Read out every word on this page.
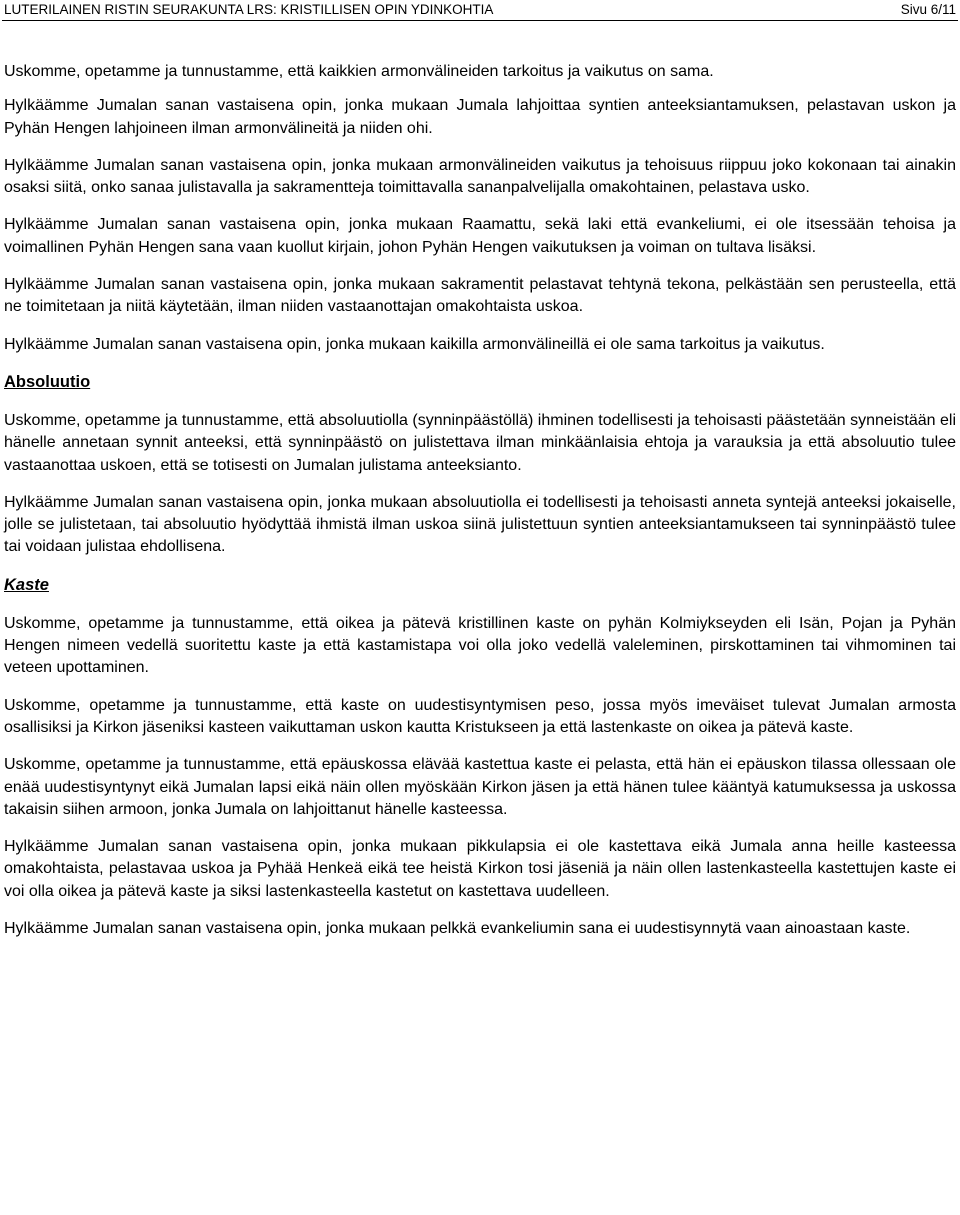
LUTERILAINEN RISTIN SEURAKUNTA LRS: KRISTILLISEN OPIN YDINKOHTIA	Sivu 6/11

Uskomme, opetamme ja tunnustamme, että kaikkien armonvälineiden tarkoitus ja vaikutus on sama.

Hylkäämme Jumalan sanan vastaisena opin, jonka mukaan Jumala lahjoittaa syntien anteeksiantamuksen, pelastavan uskon ja Pyhän Hengen lahjoineen ilman armonvälineitä ja niiden ohi.

Hylkäämme Jumalan sanan vastaisena opin, jonka mukaan armonvälineiden vaikutus ja tehoisuus riippuu joko kokonaan tai ainakin osaksi siitä, onko sanaa julistavalla ja sakramentteja toimittavalla sananpalvelijalla omakohtainen, pelastava usko.

Hylkäämme Jumalan sanan vastaisena opin, jonka mukaan Raamattu, sekä laki että evankeliumi, ei ole itsessään tehoisa ja voimallinen Pyhän Hengen sana vaan kuollut kirjain, johon Pyhän Hengen vaikutuksen ja voiman on tultava lisäksi.

Hylkäämme Jumalan sanan vastaisena opin, jonka mukaan sakramentit pelastavat tehtynä tekona, pelkästään sen perusteella, että ne toimitetaan ja niitä käytetään, ilman niiden vastaanottajan omakohtaista uskoa.

Hylkäämme Jumalan sanan vastaisena opin, jonka mukaan kaikilla armonvälineillä ei ole sama tarkoitus ja vaikutus.

Absoluutio

Uskomme, opetamme ja tunnustamme, että absoluutiolla (synninpäästöllä) ihminen todellisesti ja tehoisasti päästetään synneistään eli hänelle annetaan synnit anteeksi, että synninpäästö on julistettava ilman minkäänlaisia ehtoja ja varauksia ja että absoluutio tulee vastaanottaa uskoen, että se totisesti on Jumalan julistama anteeksianto.

Hylkäämme Jumalan sanan vastaisena opin, jonka mukaan absoluutiolla ei todellisesti ja tehoisasti anneta syntejä anteeksi jokaiselle, jolle se julistetaan, tai absoluutio hyödyttää ihmistä ilman uskoa siinä julistettuun syntien anteeksiantamukseen tai synninpäästö tulee tai voidaan julistaa ehdollisena.

Kaste

Uskomme, opetamme ja tunnustamme, että oikea ja pätevä kristillinen kaste on pyhän Kolmiykseyden eli Isän, Pojan ja Pyhän Hengen nimeen vedellä suoritettu kaste ja että kastamistapa voi olla joko vedellä valeleminen, pirskottaminen tai vihmominen tai veteen upottaminen.

Uskomme, opetamme ja tunnustamme, että kaste on uudestisyntymisen peso, jossa myös imeväiset tulevat Jumalan armosta osallisiksi ja Kirkon jäseniksi kasteen vaikuttaman uskon kautta Kristukseen ja että lastenkaste on oikea ja pätevä kaste.

Uskomme, opetamme ja tunnustamme, että epäuskossa elävää kastettua kaste ei pelasta, että hän ei epäuskon tilassa ollessaan ole enää uudestisyntynyt eikä Jumalan lapsi eikä näin ollen myöskään Kirkon jäsen ja että hänen tulee kääntyä katumuksessa ja uskossa takaisin siihen armoon, jonka Jumala on lahjoittanut hänelle kasteessa.

Hylkäämme Jumalan sanan vastaisena opin, jonka mukaan pikkulapsia ei ole kastettava eikä Jumala anna heille kasteessa omakohtaista, pelastavaa uskoa ja Pyhää Henkeä eikä tee heistä Kirkon tosi jäseniä ja näin ollen lastenkasteella kastettujen kaste ei voi olla oikea ja pätevä kaste ja siksi lastenkasteella kastetut on kastettava uudelleen.

Hylkäämme Jumalan sanan vastaisena opin, jonka mukaan pelkkä evankeliumin sana ei uudestisynnytä vaan ainoastaan kaste.
